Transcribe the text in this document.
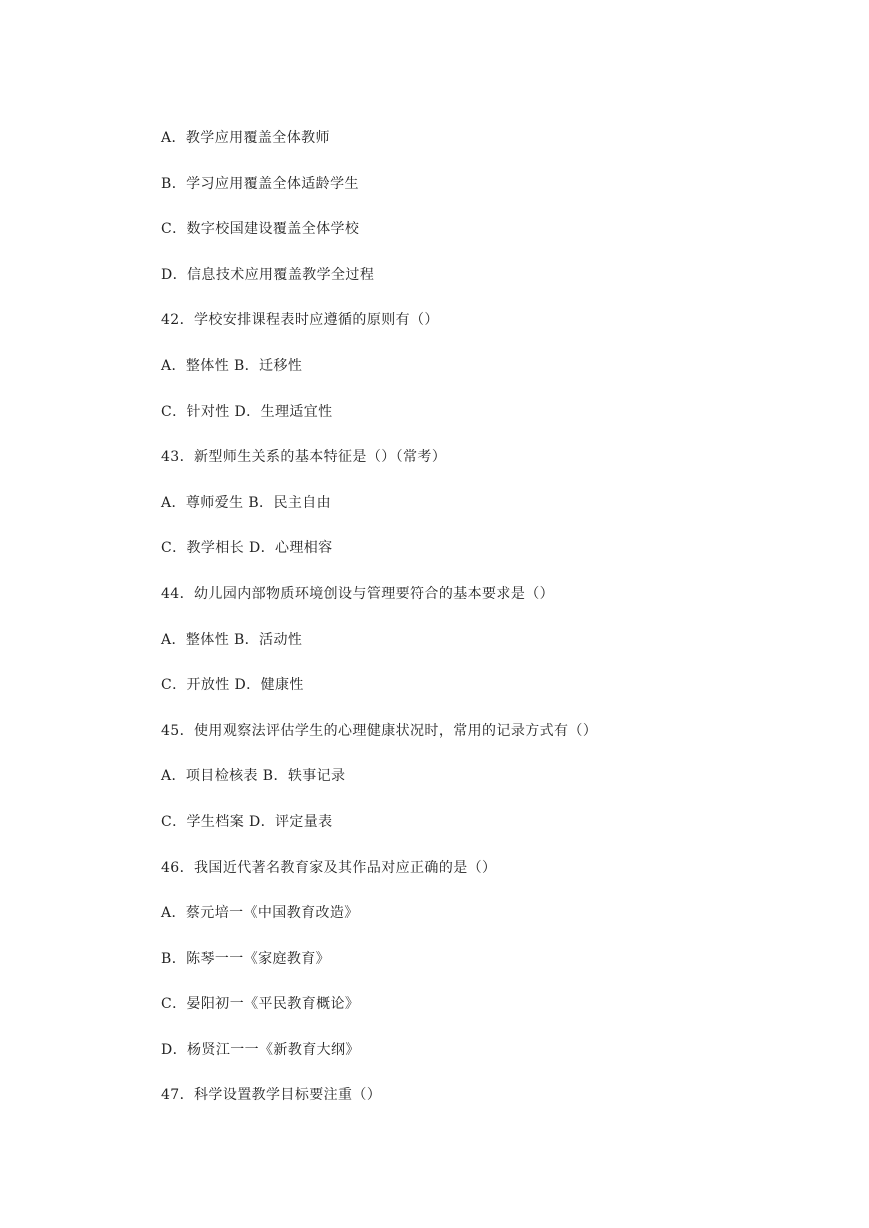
A．教学应用覆盖全体教师
B．学习应用覆盖全体适龄学生
C．数字校国建设覆盖全体学校
D．信息技术应用覆盖教学全过程
42．学校安排课程表时应遵循的原则有（）
A．整体性 B．迁移性
C．针对性 D．生理适宜性
43．新型师生关系的基本特征是（）（常考）
A．尊师爱生 B．民主自由
C．教学相长 D．心理相容
44．幼儿园内部物质环境创设与管理要符合的基本要求是（）
A．整体性 B．活动性
C．开放性 D．健康性
45．使用观察法评估学生的心理健康状况时，常用的记录方式有（）
A．项目检核表 B．轶事记录
C．学生档案 D．评定量表
46．我国近代著名教育家及其作品对应正确的是（）
A．蔡元培一《中国教育改造》
B．陈琴一一《家庭教育》
C．晏阳初一《平民教育概论》
D．杨贤江一一《新教育大纲》
47．科学设置教学目标要注重（）
